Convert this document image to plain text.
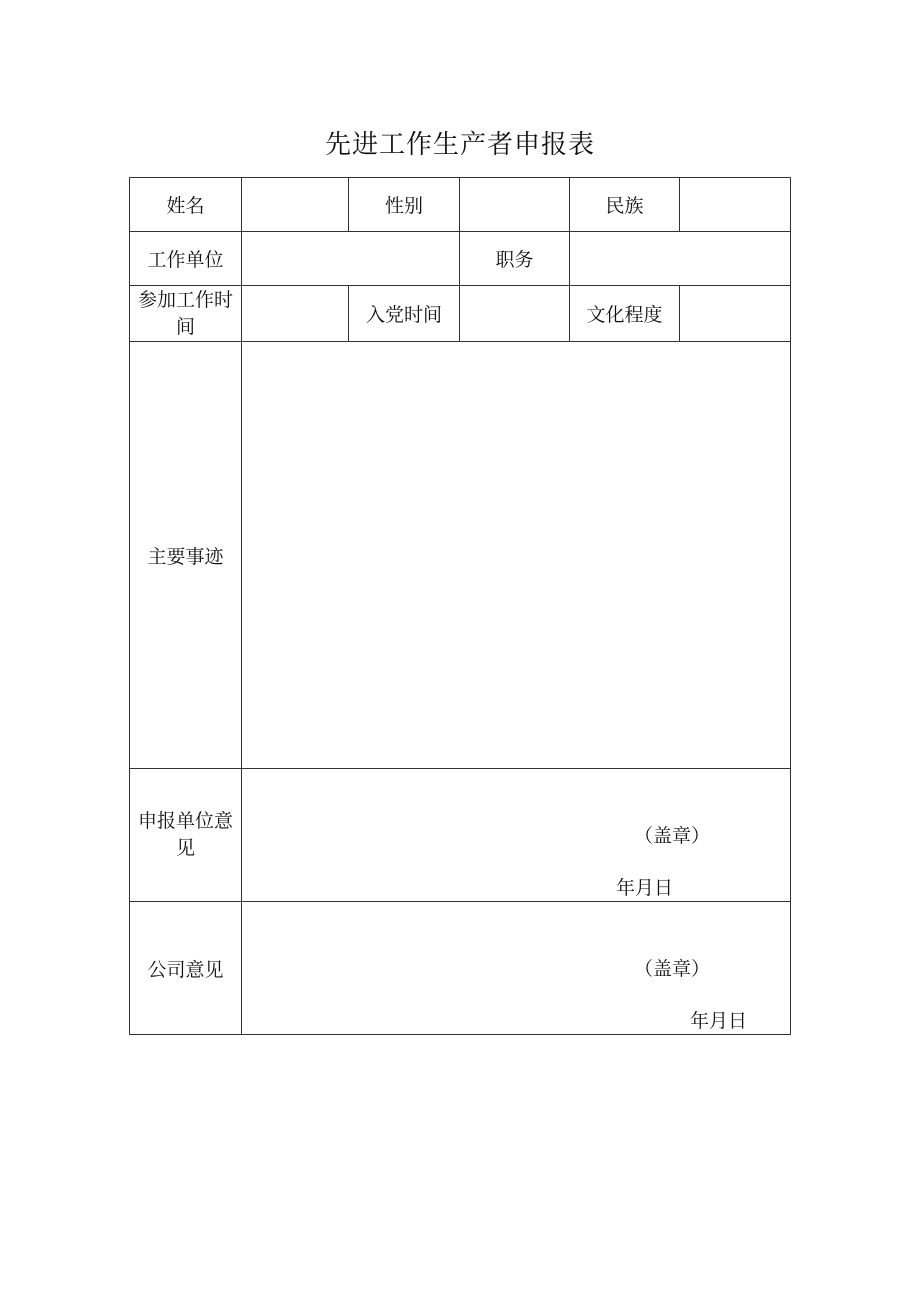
先进工作生产者申报表
姓名		性别		民族	
工作单位			职务		

参加工作时间		入党时间		文化程度	
主要事迹					

申报单位意见	（盖章）
年月日				

公司意见	（盖章）
年月日				
